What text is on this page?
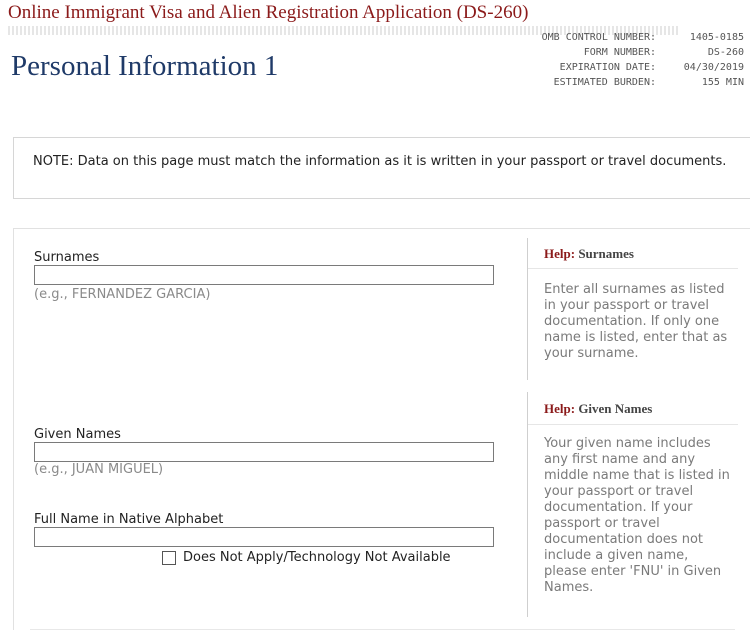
Online Immigrant Visa and Alien Registration Application (DS-260)
Personal Information 1
OMB CONTROL NUMBER:	1405-0185
FORM NUMBER:	DS-260
EXPIRATION DATE:	04/30/2019
ESTIMATED BURDEN:	155 MIN
NOTE: Data on this page must match the information as it is written in your passport or travel documents.
Surnames
(e.g., FERNANDEZ GARCIA)
Given Names
(e.g., JUAN MIGUEL)
Full Name in Native Alphabet
Does Not Apply/Technology Not Available
Help: Surnames
Enter all surnames as listed in your passport or travel documentation. If only one name is listed, enter that as your surname.
Help: Given Names
Your given name includes any first name and any middle name that is listed in your passport or travel documentation. If your passport or travel documentation does not include a given name, please enter 'FNU' in Given Names.
